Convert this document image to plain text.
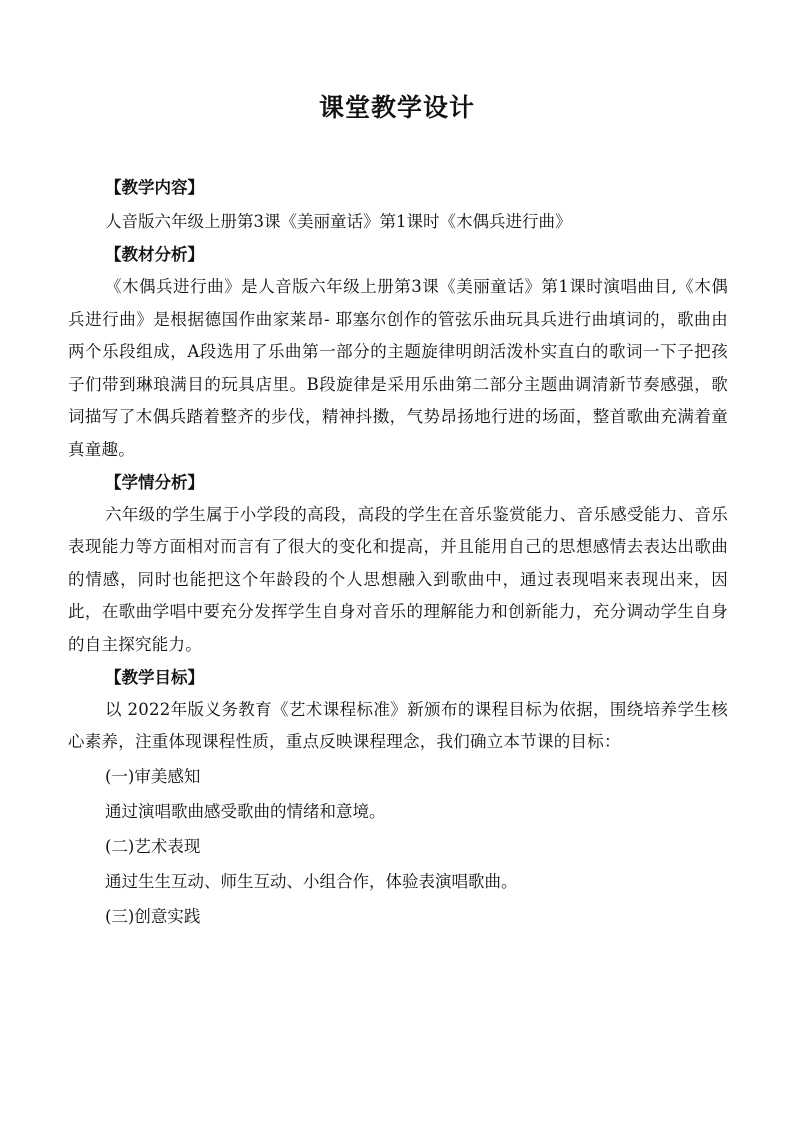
课堂教学设计
【教学内容】
人音版六年级上册第3课《美丽童话》第1课时《木偶兵进行曲》
【教材分析】

《木偶兵进行曲》是人音版六年级上册第3课《美丽童话》第1课时演唱曲目,《木偶兵进行曲》是根据德国作曲家莱昂- 耶塞尔创作的管弦乐曲玩具兵进行曲填词的，歌曲由两个乐段组成，A段选用了乐曲第一部分的主题旋律明朗活泼朴实直白的歌词一下子把孩子们带到琳琅满目的玩具店里。B段旋律是采用乐曲第二部分主题曲调清新节奏感强，歌词描写了木偶兵踏着整齐的步伐，精神抖擞，气势昂扬地行进的场面，整首歌曲充满着童真童趣。

【学情分析】

六年级的学生属于小学段的高段，高段的学生在音乐鉴赏能力、音乐感受能力、音乐表现能力等方面相对而言有了很大的变化和提高，并且能用自己的思想感情去表达出歌曲的情感，同时也能把这个年龄段的个人思想融入到歌曲中，通过表现唱来表现出来，因此，在歌曲学唱中要充分发挥学生自身对音乐的理解能力和创新能力，充分调动学生自身的自主探究能力。

【教学目标】

以 2022年版义务教育《艺术课程标准》新颁布的课程目标为依据，围绕培养学生核心素养，注重体现课程性质，重点反映课程理念，我们确立本节课的目标：

(一)审美感知
通过演唱歌曲感受歌曲的情绪和意境。
(二)艺术表现
通过生生互动、师生互动、小组合作，体验表演唱歌曲。
(三)创意实践
